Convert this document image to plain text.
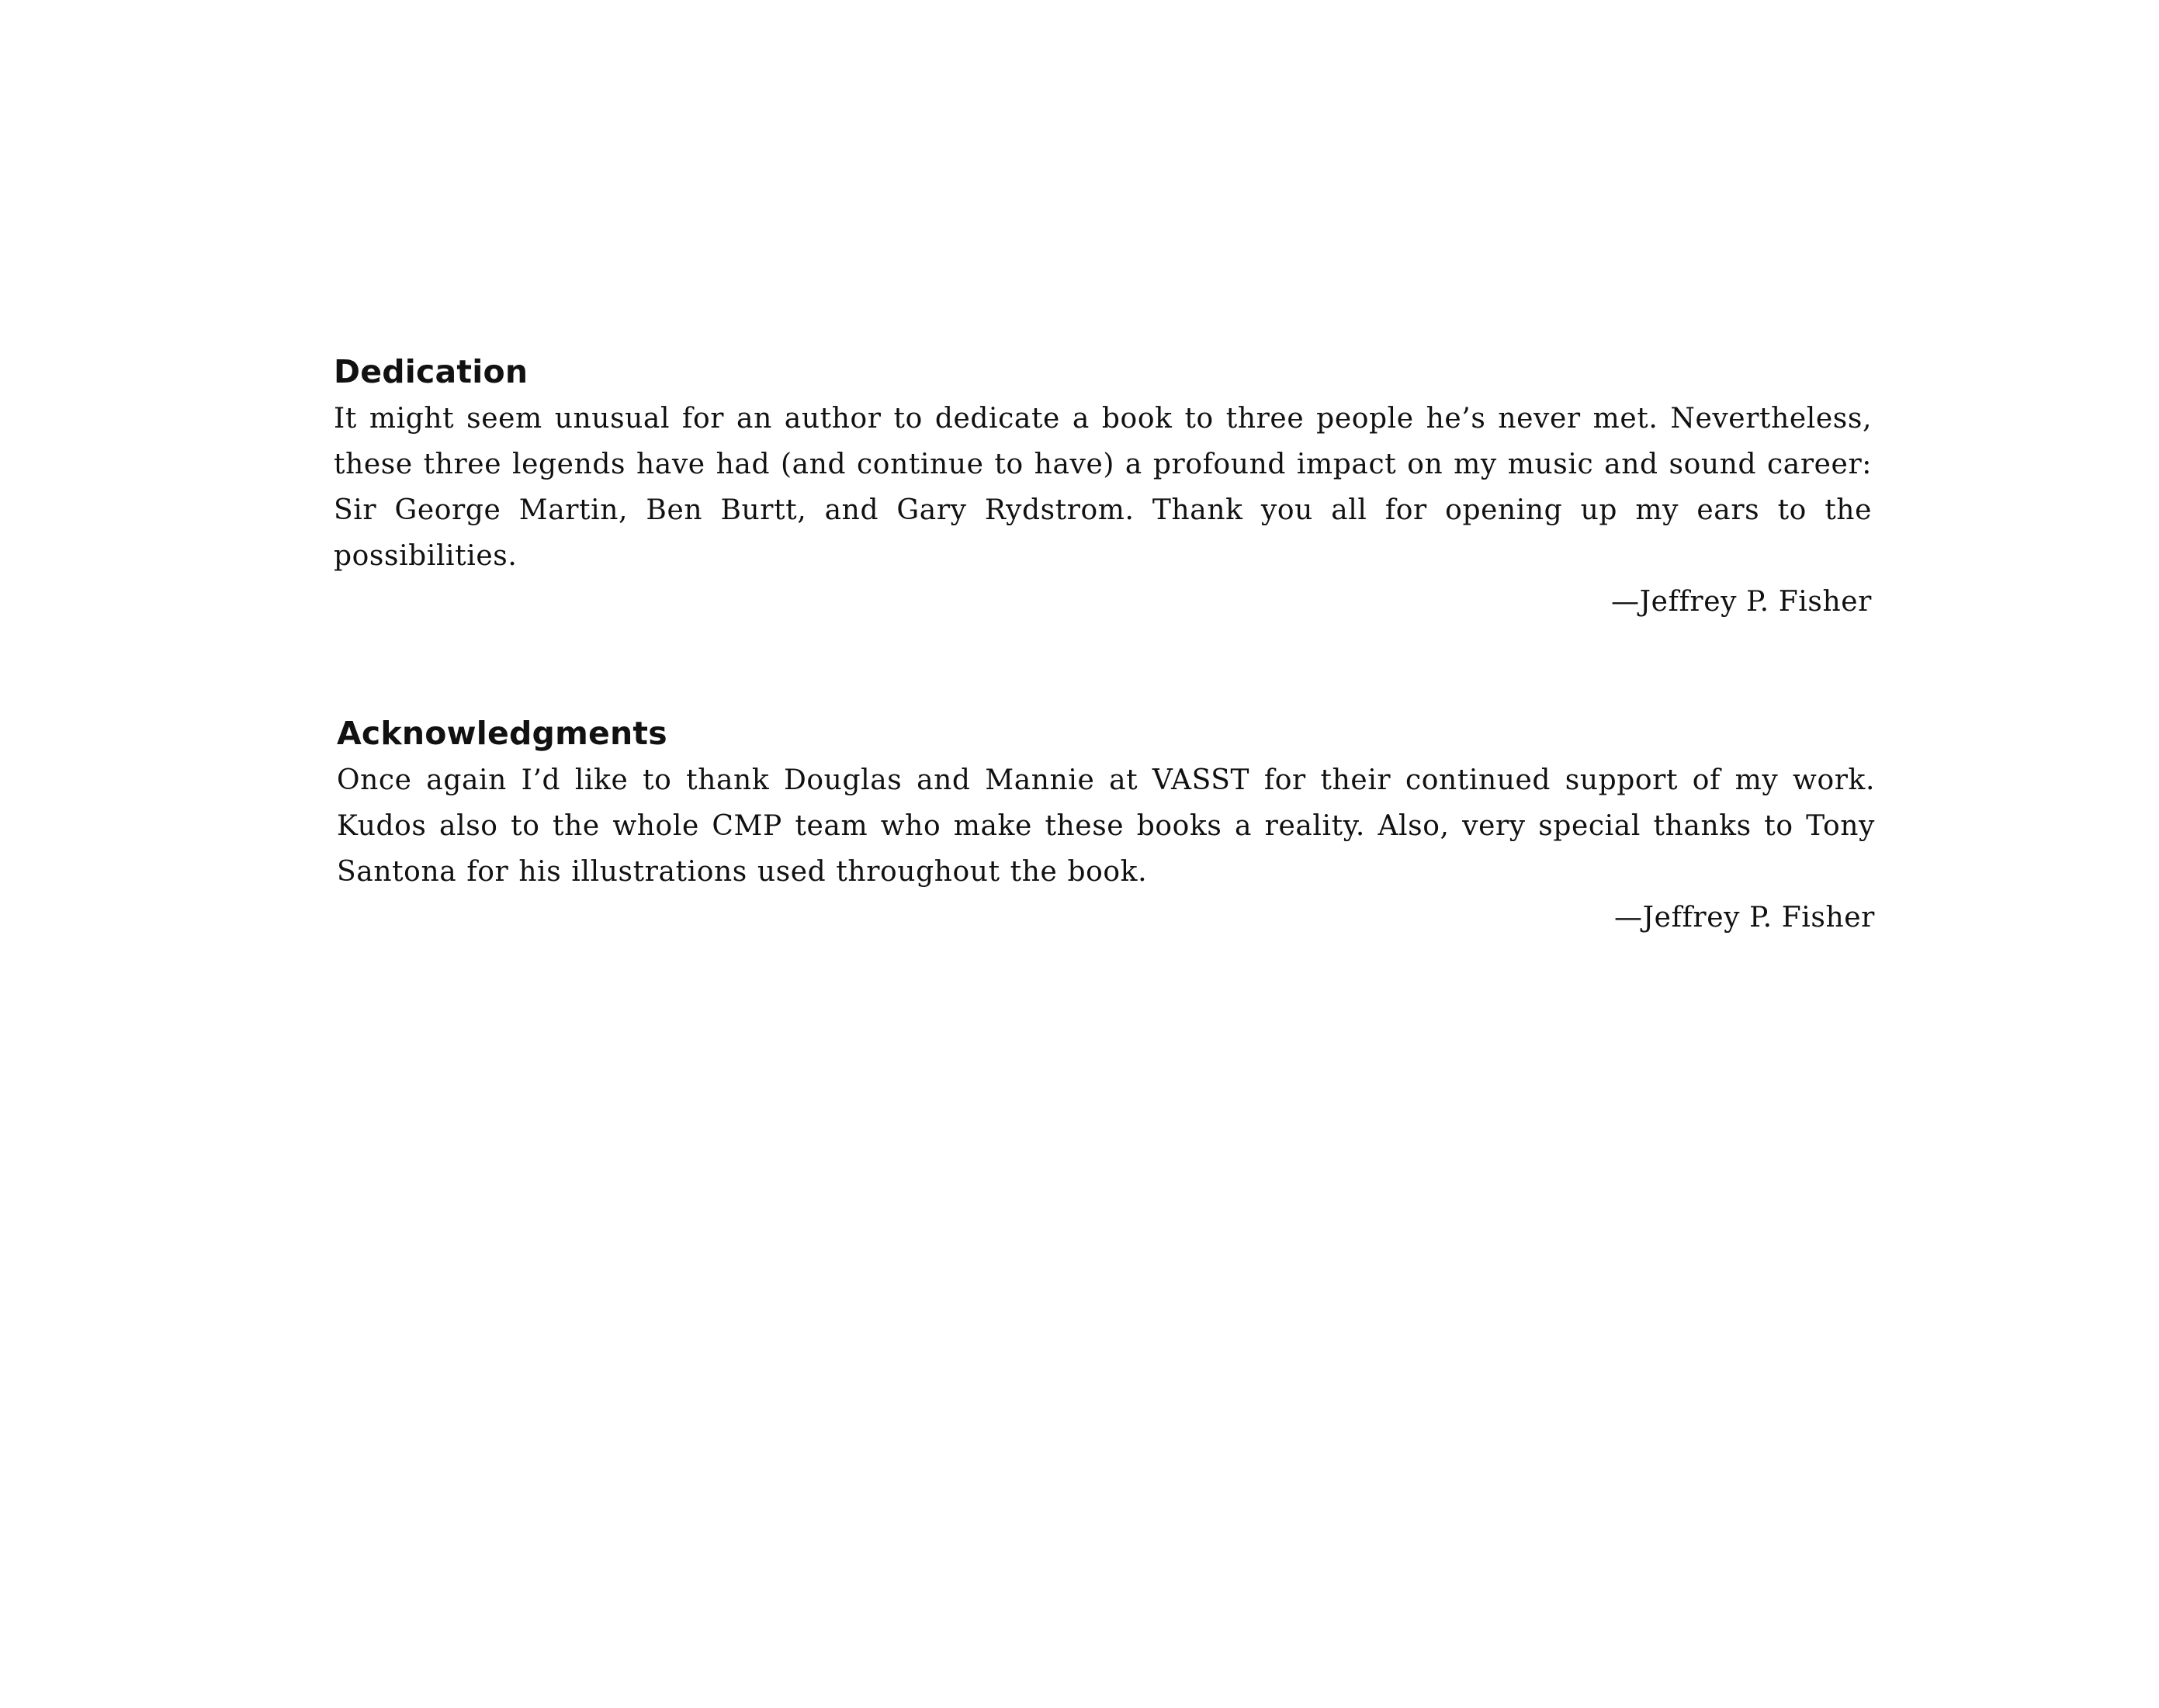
Dedication

It might seem unusual for an author to dedicate a book to three people he’s never met. Nevertheless, these three legends have had (and continue to have) a profound impact on my music and sound career: Sir George Martin, Ben Burtt, and Gary Rydstrom. Thank you all for opening up my ears to the possibilities.

—Jeffrey P. Fisher

Acknowledgments

Once again I’d like to thank Douglas and Mannie at VASST for their continued support of my work. Kudos also to the whole CMP team who make these books a reality. Also, very special thanks to Tony Santona for his illustrations used throughout the book.

—Jeffrey P. Fisher
